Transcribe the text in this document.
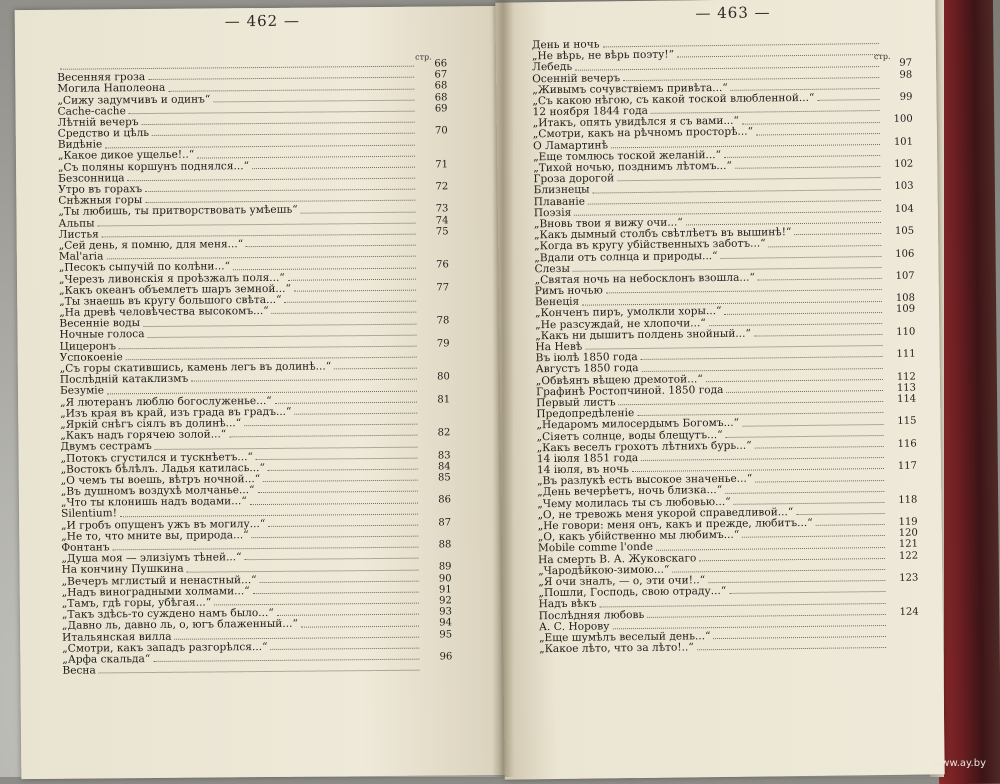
— 462 —
стр.
66
Весенняя гроза	67
Могила Наполеона	68
„Сижу задумчивъ и одинъ“	68
Cache-cache	69
Лѣтній вечеръ
Средство и цѣль	70
Видѣніе
„Какое дикое ущелье!..“
„Съ поляны коршунъ поднялся...“	71
Безсонница
Утро въ горахъ	72
Снѣжныя горы
„Ты любишь, ты притворствовать умѣешь“	73
Альпы	74
Листья	75
„Сей день, я помню, для меня...“
Mal'aria
„Песокъ сыпучій по колѣни...“	76
„Черезъ ливонскія я проѣзжалъ поля...“
„Какъ океанъ объемлетъ шаръ земной...“	77
„Ты знаешь въ кругу большого свѣта...“
„На древѣ человѣчества высокомъ...“
Весенніе воды	78
Ночные голоса
Цицеронъ	79
Успокоеніе
„Съ горы скатившись, камень легъ въ долинѣ...“
Послѣдній катаклизмъ	80
Безуміе
„Я лютеранъ люблю богослуженье...“	81
„Изъ края въ край, изъ града въ градъ...“
„Яркій снѣгъ сіялъ въ долинѣ...“
„Какъ надъ горячею золой...“	82
Двумъ сестрамъ
„Потокъ сгустился и тускнѣетъ...“	83
„Востокъ бѣлѣлъ. Ладья катилась...“	84
„О чемъ ты воешь, вѣтръ ночной...“	85
„Въ душномъ воздухѣ молчанье...“
„Что ты клонишь надъ водами...“	86
Silentium!
„И гробъ опущенъ ужъ въ могилу...“	87
„Не то, что мните вы, природа...“
Фонтанъ	88
„Душа моя — элизіумъ тѣней...“
На кончину Пушкина	89
„Вечеръ мглистый и ненастный...“	90
„Надъ виноградными холмами...“	91
„Тамъ, гдѣ горы, убѣгая...“	92
„Такъ здѣсь-то суждено намъ было...“	93
„Давно ль, давно ль, о, югъ блаженный...“	94
Итальянская вилла	95
„Смотри, какъ западъ разгорѣлся...“
„Арфа скальда“	96
Весна
— 463 —
стр.
День и ночь
„Не вѣрь, не вѣрь поэту!“
Лебедь	97
Осенній вечеръ	98
„Живымъ сочувствіемъ привѣта...“
„Съ какою нѣгою, съ какой тоской влюбленной...“	99
12 ноября 1844 года
„Итакъ, опять увидѣлся я съ вами...“	100
„Смотри, какъ на рѣчномъ просторѣ...“
О Ламартинѣ	101
„Еще томлюсь тоской желаній...“
„Тихой ночью, позднимъ лѣтомъ...“	102
Гроза дорогой
Близнецы	103
Плаваніе
Поэзія	104
„Вновь твои я вижу очи...“
„Какъ дымный столбъ свѣтлѣетъ въ вышинѣ!“	105
„Когда въ кругу убійственныхъ заботъ...“
„Вдали отъ солнца и природы...“	106
Слезы
„Святая ночь на небосклонъ взошла...“	107
Римъ ночью
Венеція	108
„Конченъ пиръ, умолкли хоры...“	109
„Не разсуждай, не хлопочи...“
„Какъ ни дышитъ полдень знойный...“	110
На Невѣ
Въ іюлѣ 1850 года	111
Августъ 1850 года
„Обвѣянъ вѣщею дремотой...“	112
Графинѣ Ростопчиной. 1850 года	113
Первый листъ	114
Предопредѣленіе
„Недаромъ милосердымъ Богомъ...“	115
„Сіяетъ солнце, воды блещутъ...“
„Какъ веселъ грохотъ лѣтнихъ бурь...“	116
14 іюля 1851 года
14 іюля, въ ночь	117
„Въ разлукѣ есть высокое значенье...“
„День вечерѣетъ, ночь близка...“
„Чему молилась ты съ любовью...“	118
„О, не тревожь меня укорой справедливой...“
„Не говори: меня онъ, какъ и прежде, любитъ...“	119
„О, какъ убійственно мы любимъ...“	120
Mobile comme l'onde	121
На смерть В. А. Жуковскаго	122
„Чародѣйкою-зимою...“
„Я очи зналъ, — о, эти очи!..“	123
„Пошли, Господь, свою отраду...“
Надъ вѣкъ
Послѣдняя любовь	124
А. С. Норову
„Еще шумѣлъ веселый день...“
„Какое лѣто, что за лѣто!..“
www.ay.by
